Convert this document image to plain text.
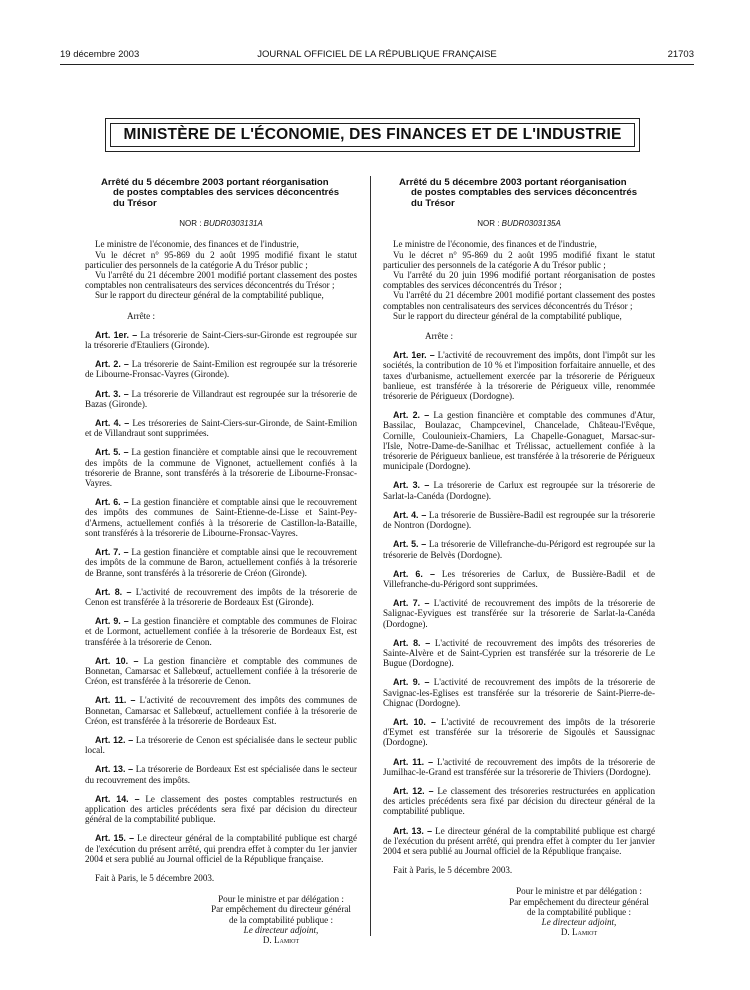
19 décembre 2003	JOURNAL OFFICIEL DE LA RÉPUBLIQUE FRANÇAISE	21703
MINISTÈRE DE L'ÉCONOMIE, DES FINANCES ET DE L'INDUSTRIE
Arrêté du 5 décembre 2003 portant réorganisation
de postes comptables des services déconcentrés
du Trésor
NOR : BUDR0303131A

Le ministre de l'économie, des finances et de l'industrie,

Vu le décret n° 95-869 du 2 août 1995 modifié fixant le statut particulier des personnels de la catégorie A du Trésor public ;

Vu l'arrêté du 21 décembre 2001 modifié portant classement des postes comptables non centralisateurs des services déconcentrés du Trésor ;

Sur le rapport du directeur général de la comptabilité publique,

Arrête :

Art. 1er. – La trésorerie de Saint-Ciers-sur-Gironde est regroupée sur la trésorerie d'Etauliers (Gironde).

Art. 2. – La trésorerie de Saint-Emilion est regroupée sur la trésorerie de Libourne-Fronsac-Vayres (Gironde).

Art. 3. – La trésorerie de Villandraut est regroupée sur la trésorerie de Bazas (Gironde).

Art. 4. – Les trésoreries de Saint-Ciers-sur-Gironde, de Saint-Emilion et de Villandraut sont supprimées.

Art. 5. – La gestion financière et comptable ainsi que le recouvrement des impôts de la commune de Vignonet, actuellement confiés à la trésorerie de Branne, sont transférés à la trésorerie de Libourne-Fronsac-Vayres.

Art. 6. – La gestion financière et comptable ainsi que le recouvrement des impôts des communes de Saint-Etienne-de-Lisse et Saint-Pey-d'Armens, actuellement confiés à la trésorerie de Castillon-la-Bataille, sont transférés à la trésorerie de Libourne-Fronsac-Vayres.

Art. 7. – La gestion financière et comptable ainsi que le recouvrement des impôts de la commune de Baron, actuellement confiés à la trésorerie de Branne, sont transférés à la trésorerie de Créon (Gironde).

Art. 8. – L'activité de recouvrement des impôts de la trésorerie de Cenon est transférée à la trésorerie de Bordeaux Est (Gironde).

Art. 9. – La gestion financière et comptable des communes de Floirac et de Lormont, actuellement confiée à la trésorerie de Bordeaux Est, est transférée à la trésorerie de Cenon.

Art. 10. – La gestion financière et comptable des communes de Bonnetan, Camarsac et Sallebœuf, actuellement confiée à la trésorerie de Créon, est transférée à la trésorerie de Cenon.

Art. 11. – L'activité de recouvrement des impôts des communes de Bonnetan, Camarsac et Sallebœuf, actuellement confiée à la trésorerie de Créon, est transférée à la trésorerie de Bordeaux Est.

Art. 12. – La trésorerie de Cenon est spécialisée dans le secteur public local.

Art. 13. – La trésorerie de Bordeaux Est est spécialisée dans le secteur du recouvrement des impôts.

Art. 14. – Le classement des postes comptables restructurés en application des articles précédents sera fixé par décision du directeur général de la comptabilité publique.

Art. 15. – Le directeur général de la comptabilité publique est chargé de l'exécution du présent arrêté, qui prendra effet à compter du 1er janvier 2004 et sera publié au Journal officiel de la République française.

Fait à Paris, le 5 décembre 2003.

Pour le ministre et par délégation :
Par empêchement du directeur général
de la comptabilité publique :
Le directeur adjoint,
D. Lamiot
Arrêté du 5 décembre 2003 portant réorganisation
de postes comptables des services déconcentrés
du Trésor
NOR : BUDR0303135A

Le ministre de l'économie, des finances et de l'industrie,

Vu le décret n° 95-869 du 2 août 1995 modifié fixant le statut particulier des personnels de la catégorie A du Trésor public ;

Vu l'arrêté du 20 juin 1996 modifié portant réorganisation de postes comptables des services déconcentrés du Trésor ;

Vu l'arrêté du 21 décembre 2001 modifié portant classement des postes comptables non centralisateurs des services déconcentrés du Trésor ;

Sur le rapport du directeur général de la comptabilité publique,

Arrête :

Art. 1er. – L'activité de recouvrement des impôts, dont l'impôt sur les sociétés, la contribution de 10 % et l'imposition forfaitaire annuelle, et des taxes d'urbanisme, actuellement exercée par la trésorerie de Périgueux banlieue, est transférée à la trésorerie de Périgueux ville, renommée trésorerie de Périgueux (Dordogne).

Art. 2. – La gestion financière et comptable des communes d'Atur, Bassilac, Boulazac, Champcevinel, Chancelade, Château-l'Evêque, Cornille, Coulounieix-Chamiers, La Chapelle-Gonaguet, Marsac-sur-l'Isle, Notre-Dame-de-Sanilhac et Trélissac, actuellement confiée à la trésorerie de Périgueux banlieue, est transférée à la trésorerie de Périgueux municipale (Dordogne).

Art. 3. – La trésorerie de Carlux est regroupée sur la trésorerie de Sarlat-la-Canéda (Dordogne).

Art. 4. – La trésorerie de Bussière-Badil est regroupée sur la trésorerie de Nontron (Dordogne).

Art. 5. – La trésorerie de Villefranche-du-Périgord est regroupée sur la trésorerie de Belvès (Dordogne).

Art. 6. – Les trésoreries de Carlux, de Bussière-Badil et de Villefranche-du-Périgord sont supprimées.

Art. 7. – L'activité de recouvrement des impôts de la trésorerie de Salignac-Eyvigues est transférée sur la trésorerie de Sarlat-la-Canéda (Dordogne).

Art. 8. – L'activité de recouvrement des impôts des trésoreries de Sainte-Alvère et de Saint-Cyprien est transférée sur la trésorerie de Le Bugue (Dordogne).

Art. 9. – L'activité de recouvrement des impôts de la trésorerie de Savignac-les-Eglises est transférée sur la trésorerie de Saint-Pierre-de-Chignac (Dordogne).

Art. 10. – L'activité de recouvrement des impôts de la trésorerie d'Eymet est transférée sur la trésorerie de Sigoulès et Saussignac (Dordogne).

Art. 11. – L'activité de recouvrement des impôts de la trésorerie de Jumilhac-le-Grand est transférée sur la trésorerie de Thiviers (Dordogne).

Art. 12. – Le classement des trésoreries restructurées en application des articles précédents sera fixé par décision du directeur général de la comptabilité publique.

Art. 13. – Le directeur général de la comptabilité publique est chargé de l'exécution du présent arrêté, qui prendra effet à compter du 1er janvier 2004 et sera publié au Journal officiel de la République française.

Fait à Paris, le 5 décembre 2003.

Pour le ministre et par délégation :
Par empêchement du directeur général
de la comptabilité publique :
Le directeur adjoint,
D. Lamiot
